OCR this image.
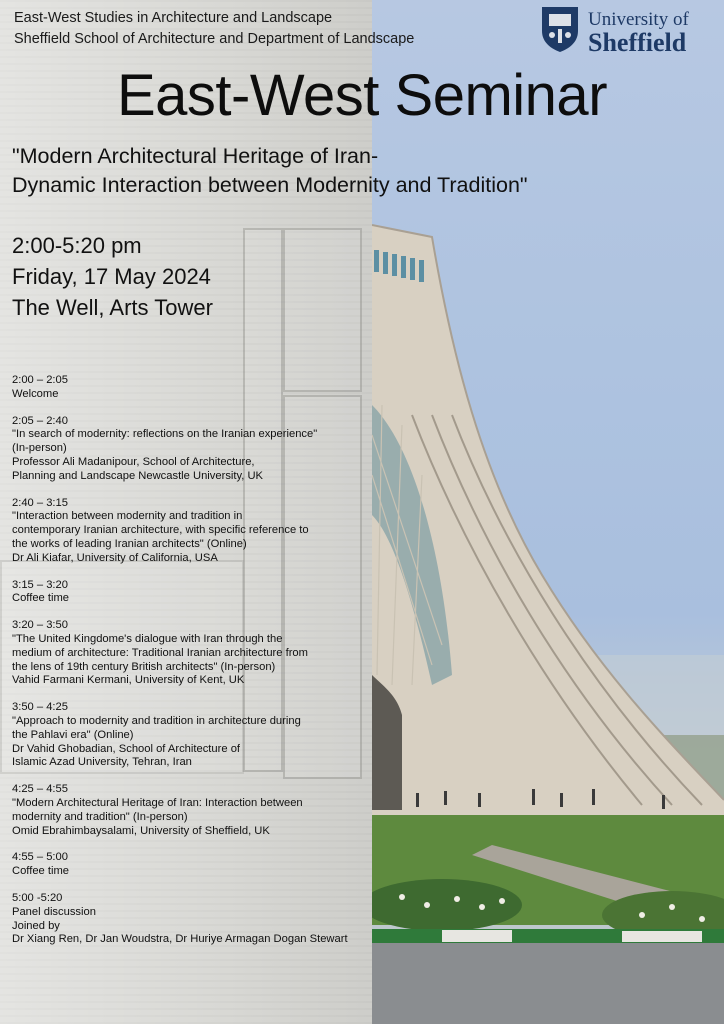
East-West Studies in Architecture and Landscape
Sheffield School of Architecture and Department of Landscape
University of
Sheffield
East-West Seminar
"Modern Architectural Heritage of Iran-
Dynamic Interaction between Modernity and Tradition"
2:00-5:20 pm
Friday, 17 May 2024
The Well, Arts Tower
2:00 – 2:05
Welcome
2:05 – 2:40
"In search of modernity: reflections on the Iranian experience"
(In-person)
Professor Ali Madanipour, School of Architecture,
Planning and Landscape Newcastle University, UK
2:40 – 3:15
"Interaction between modernity and tradition in
contemporary Iranian architecture, with specific reference to
the works of leading Iranian architects" (Online)
Dr Ali Kiafar, University of California, USA
3:15 – 3:20
Coffee time
3:20 – 3:50
"The United Kingdome's dialogue with Iran through the
medium of architecture: Traditional Iranian architecture from
the lens of 19th century British architects" (In-person)
Vahid Farmani Kermani, University of Kent, UK
3:50 – 4:25
"Approach to modernity and tradition in architecture during
the Pahlavi era" (Online)
Dr Vahid Ghobadian, School of Architecture of
Islamic Azad University, Tehran, Iran
4:25 – 4:55
"Modern Architectural Heritage of Iran: Interaction between
modernity and tradition" (In-person)
Omid Ebrahimbaysalami, University of Sheffield, UK
4:55 – 5:00
Coffee time
5:00 -5:20
Panel discussion
Joined by
Dr Xiang Ren, Dr Jan Woudstra, Dr Huriye Armagan Dogan Stewart
